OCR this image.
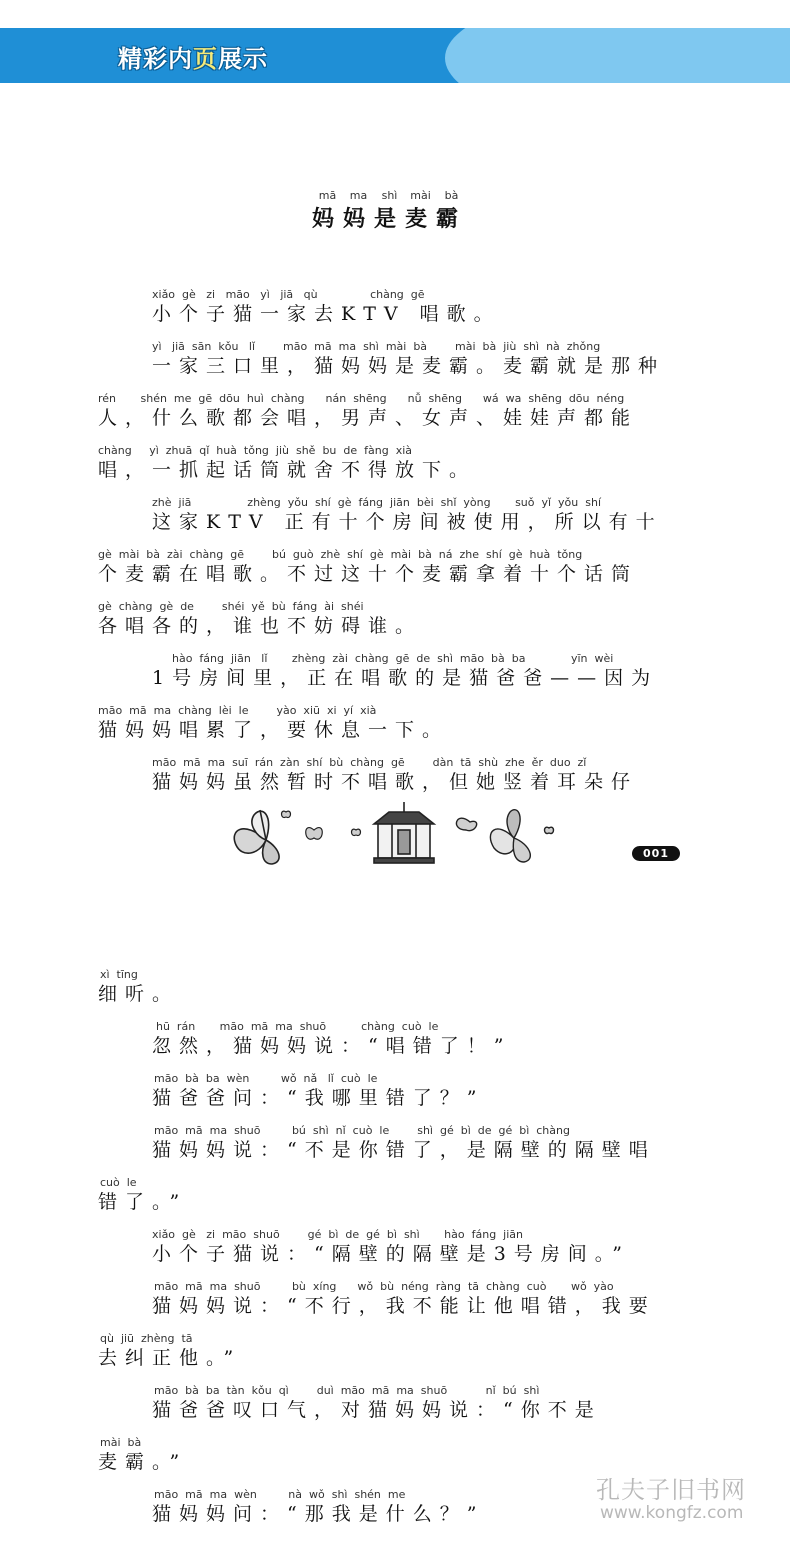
精彩内页展示
mā ma shì mài bà
妈妈是麦霸
xiǎo  gè   zi   māo   yì   jiā   qù               chàng  gē
小个子猫一家去KTV 唱歌。
yì   jiā  sān  kǒu   lǐ        māo  mā  ma  shì  mài  bà        mài  bà  jiù  shì  nà  zhǒng
一家三口里，猫妈妈是麦霸。麦霸就是那种
rén       shén  me  gē  dōu  huì  chàng      nán  shēng      nǚ  shēng      wá  wa  shēng  dōu  néng
人，什么歌都会唱，男声、女声、娃娃声都能
chàng     yì  zhuā  qǐ  huà  tǒng  jiù  shě  bu  de  fàng  xià
唱，一抓起话筒就舍不得放下。
zhè  jiā                zhèng  yǒu  shí  gè  fáng  jiān  bèi  shǐ  yòng       suǒ  yǐ  yǒu  shí
这家KTV 正有十个房间被使用，所以有十
gè  mài  bà  zài  chàng  gē        bú  guò  zhè  shí  gè  mài  bà  ná  zhe  shí  gè  huà  tǒng
个麦霸在唱歌。不过这十个麦霸拿着十个话筒
gè  chàng  gè  de        shéi  yě  bù  fáng  ài  shéi
各唱各的，谁也不妨碍谁。
hào  fáng  jiān   lǐ       zhèng  zài  chàng  gē  de  shì  māo  bà  ba             yīn  wèi
1号房间里，正在唱歌的是猫爸爸——因为
māo  mā  ma  chàng  lèi  le        yào  xiū  xi  yí  xià
猫妈妈唱累了，要休息一下。
māo  mā  ma  suī  rán  zàn  shí  bù  chàng  gē        dàn  tā  shù  zhe  ěr  duo  zǐ
猫妈妈虽然暂时不唱歌，但她竖着耳朵仔
001
xì  tīng
细听。
hū  rán       māo  mā  ma  shuō          chàng  cuò  le
忽然，猫妈妈说：“唱错了！”
māo  bà  ba  wèn         wǒ  nǎ   lǐ  cuò  le
猫爸爸问：“我哪里错了？”
māo  mā  ma  shuō         bú  shì  nǐ  cuò  le        shì  gé  bì  de  gé  bì  chàng
猫妈妈说：“不是你错了，是隔壁的隔壁唱
cuò  le
错了。”
xiǎo  gè   zi  māo  shuō        gé  bì  de  gé  bì  shì       hào  fáng  jiān
小个子猫说：“隔壁的隔壁是3号房间。”
māo  mā  ma  shuō         bù  xíng      wǒ  bù  néng  ràng  tā  chàng  cuò       wǒ  yào
猫妈妈说：“不行，我不能让他唱错，我要
qù  jiū  zhèng  tā
去纠正他。”
māo  bà  ba  tàn  kǒu  qì        duì  māo  mā  ma  shuō           nǐ  bú  shì
猫爸爸叹口气，对猫妈妈说：“你不是
mài  bà
麦霸。”
māo  mā  ma  wèn         nà  wǒ  shì  shén  me
猫妈妈问：“那我是什么？”
孔夫子旧书网
www.kongfz.com
